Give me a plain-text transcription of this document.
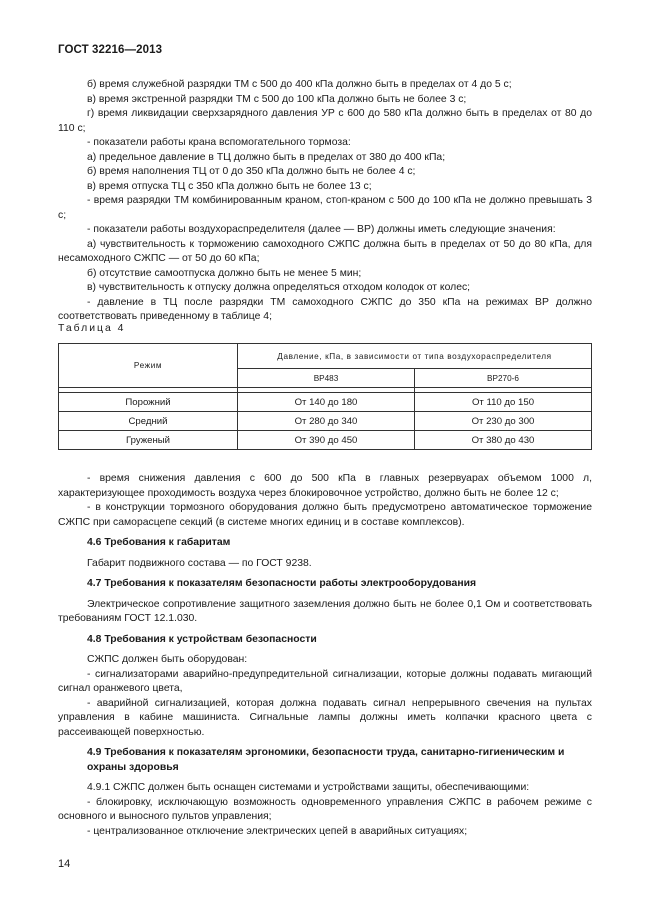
ГОСТ 32216—2013

б) время служебной разрядки ТМ с 500 до 400 кПа должно быть в пределах от 4 до 5 с;

в) время экстренной разрядки ТМ с 500 до 100 кПа должно быть не более 3 с;

г) время ликвидации сверхзарядного давления УР с 600 до 580 кПа должно быть в пределах от 80 до 110 с;

- показатели работы крана вспомогательного тормоза:

а) предельное давление в ТЦ должно быть в пределах от 380 до 400 кПа;

б) время наполнения ТЦ от 0 до 350 кПа должно быть не более 4 с;

в) время отпуска ТЦ с 350 кПа должно быть не более 13 с;

- время разрядки ТМ комбинированным краном, стоп-краном с 500 до 100 кПа не должно превышать 3 с;

- показатели работы воздухораспределителя (далее — ВР) должны иметь следующие значения:

а) чувствительность к торможению самоходного СЖПС должна быть в пределах от 50 до 80 кПа, для несамоходного СЖПС — от 50 до 60 кПа;

б) отсутствие самоотпуска должно быть не менее 5 мин;

в) чувствительность к отпуску должна определяться отходом колодок от колес;

- давление в ТЦ после разрядки ТМ самоходного СЖПС до 350 кПа на режимах ВР должно соответствовать приведенному в таблице 4;

Таблица 4
Режим	Давление, кПа, в зависимости от типа воздухораспределителя	
	ВР483	ВР270-6

Порожний	От 140 до 180	От 110 до 150
Средний	От 280 до 340	От 230 до 300
Груженый	От 390 до 450	От 380 до 430

- время снижения давления с 600 до 500 кПа в главных резервуарах объемом 1000 л, характеризующее проходимость воздуха через блокировочное устройство, должно быть не более 12 с;

- в конструкции тормозного оборудования должно быть предусмотрено автоматическое торможение СЖПС при саморасцепе секций (в системе многих единиц и в составе комплексов).

4.6 Требования к габаритам

Габарит подвижного состава — по ГОСТ 9238.

4.7 Требования к показателям безопасности работы электрооборудования

Электрическое сопротивление защитного заземления должно быть не более 0,1 Ом и соответствовать требованиям ГОСТ 12.1.030.

4.8 Требования к устройствам безопасности

СЖПС должен быть оборудован:

- сигнализаторами аварийно-предупредительной сигнализации, которые должны подавать мигающий сигнал оранжевого цвета,

- аварийной сигнализацией, которая должна подавать сигнал непрерывного свечения на пультах управления в кабине машиниста. Сигнальные лампы должны иметь колпачки красного цвета с рассеивающей поверхностью.

4.9 Требования к показателям эргономики, безопасности труда, санитарно-гигиеническим и охраны здоровья

4.9.1 СЖПС должен быть оснащен системами и устройствами защиты, обеспечивающими:

- блокировку, исключающую возможность одновременного управления СЖПС в рабочем режиме с основного и выносного пультов управления;

- централизованное отключение электрических цепей в аварийных ситуациях;

14
